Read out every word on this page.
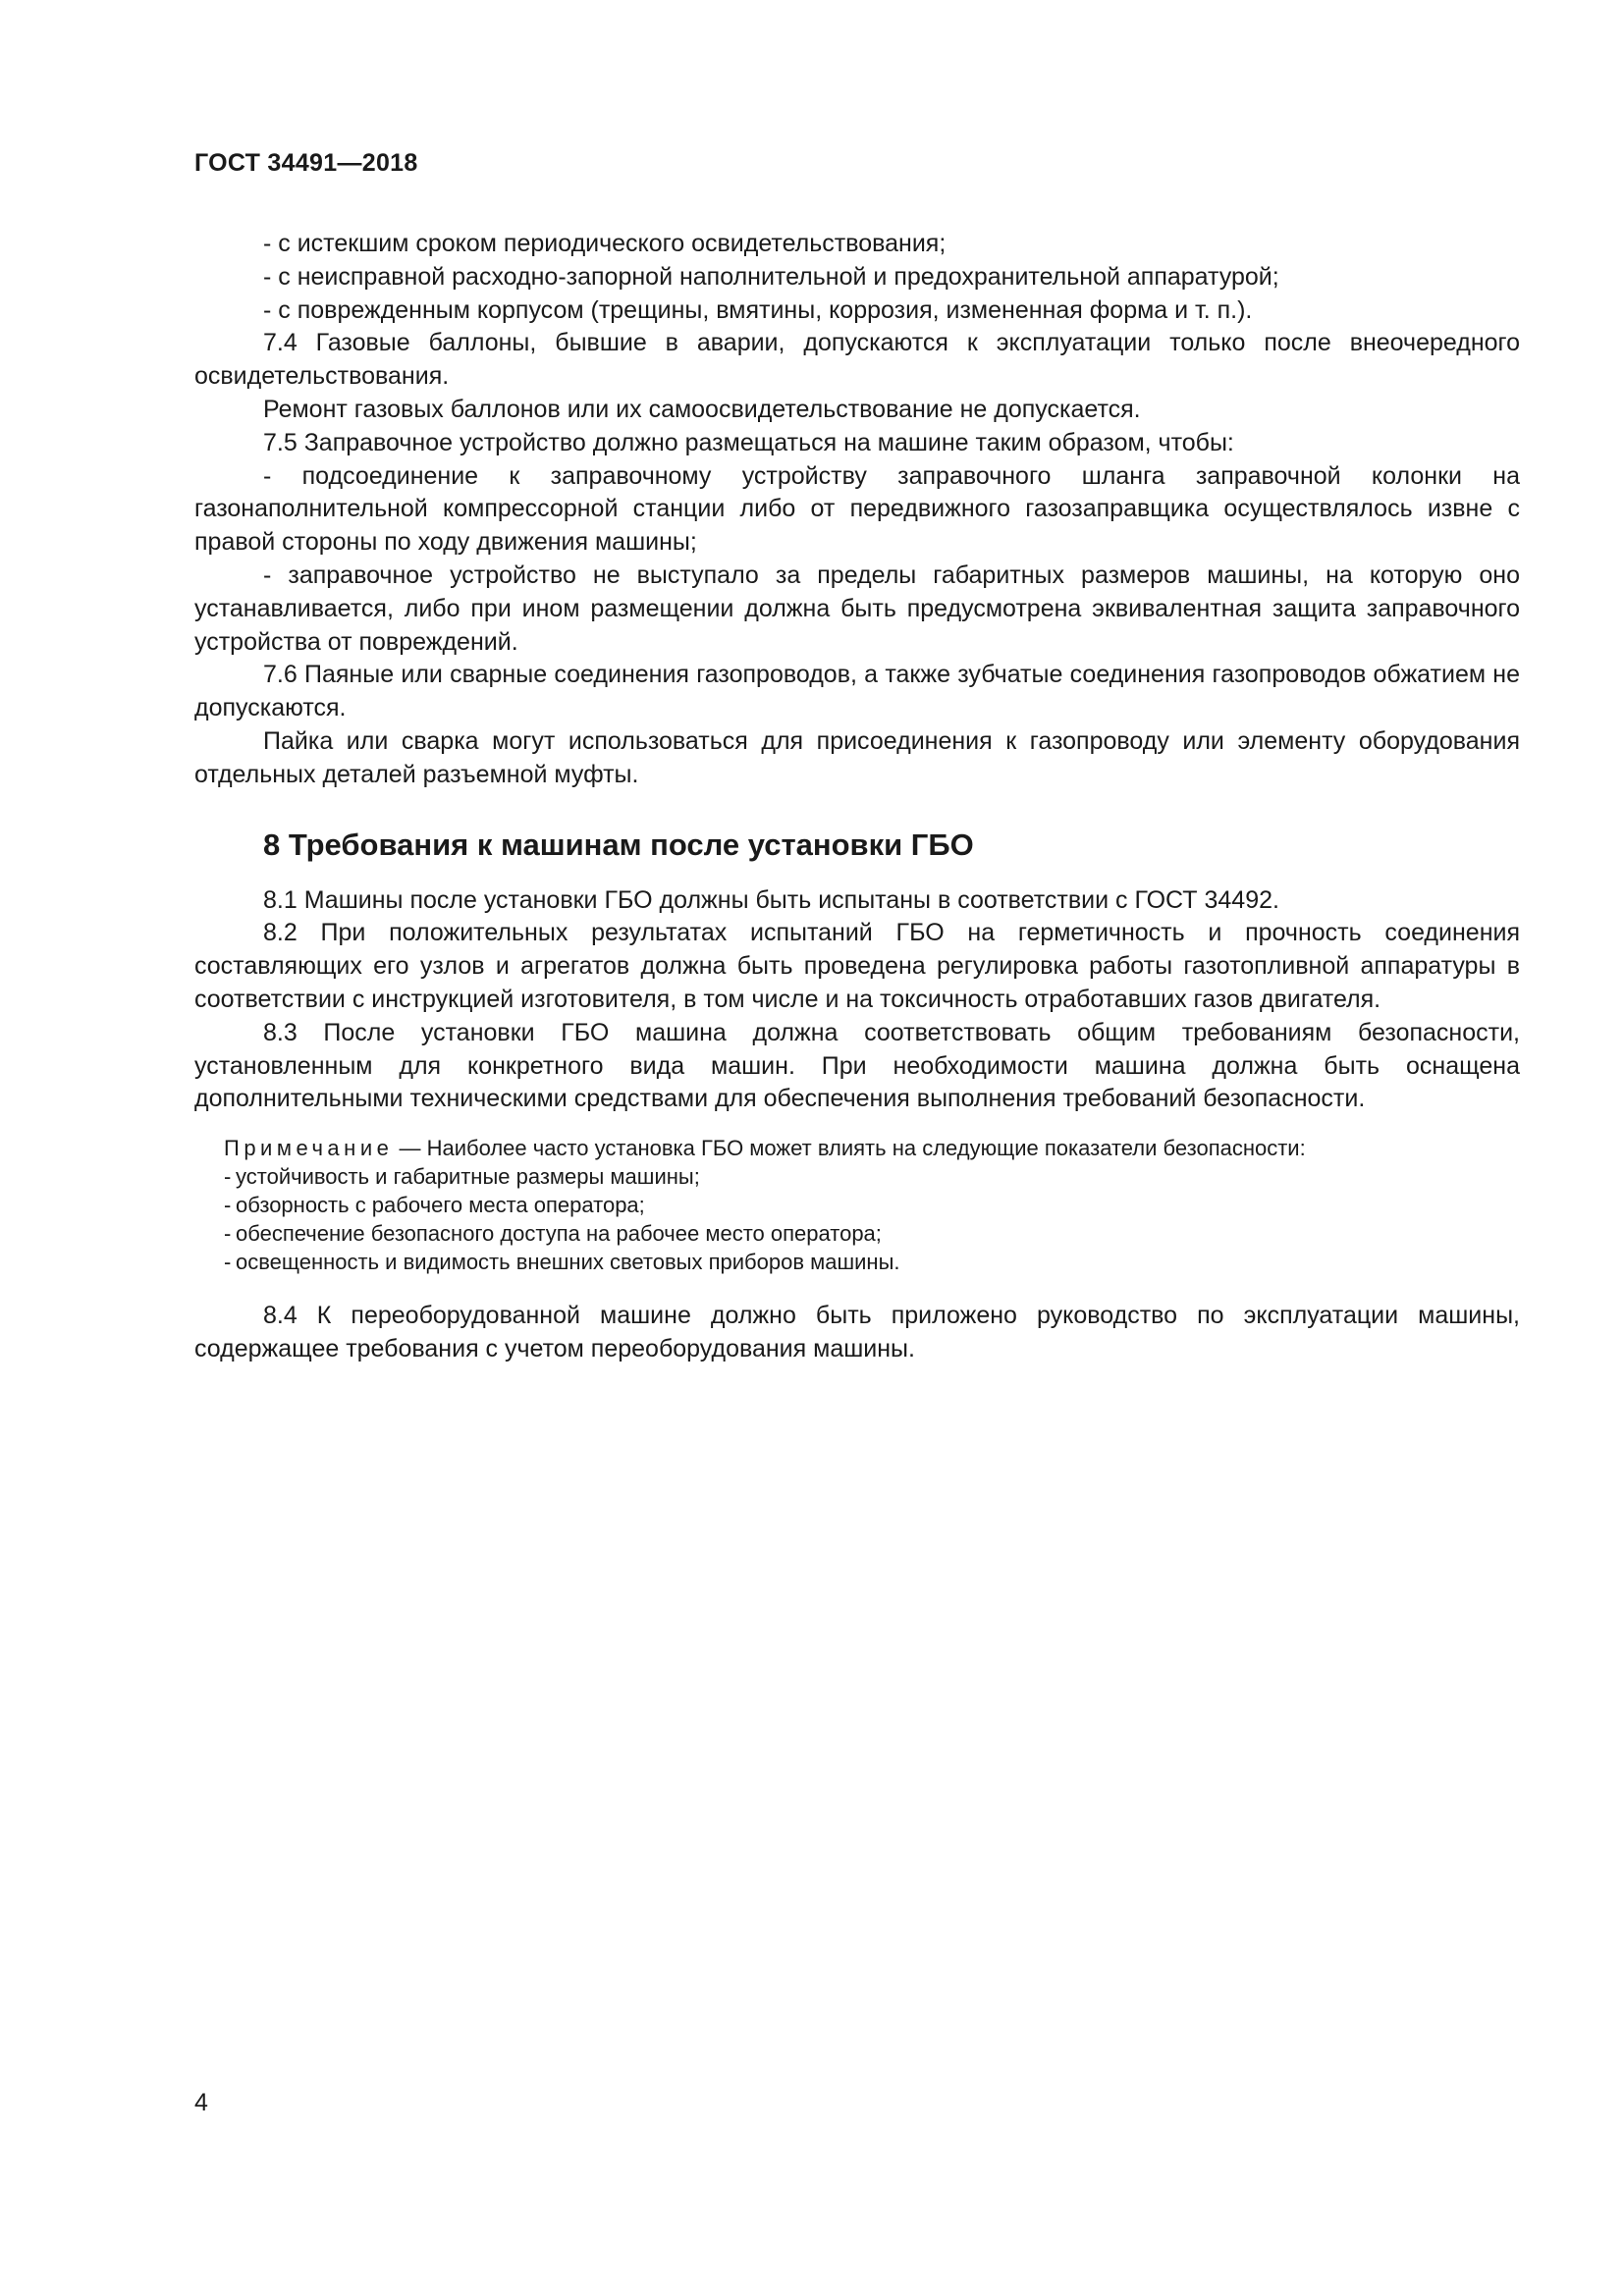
ГОСТ 34491—2018

- с истекшим сроком периодического освидетельствования;

- с неисправной расходно-запорной наполнительной и предохранительной аппаратурой;

- с поврежденным корпусом (трещины, вмятины, коррозия, измененная форма и т. п.).

7.4 Газовые баллоны, бывшие в аварии, допускаются к эксплуатации только после внеочередного освидетельствования.

Ремонт газовых баллонов или их самоосвидетельствование не допускается.

7.5 Заправочное устройство должно размещаться на машине таким образом, чтобы:

- подсоединение к заправочному устройству заправочного шланга заправочной колонки на газонаполнительной компрессорной станции либо от передвижного газозаправщика осуществлялось извне с правой стороны по ходу движения машины;

- заправочное устройство не выступало за пределы габаритных размеров машины, на которую оно устанавливается, либо при ином размещении должна быть предусмотрена эквивалентная защита заправочного устройства от повреждений.

7.6 Паяные или сварные соединения газопроводов, а также зубчатые соединения газопроводов обжатием не допускаются.

Пайка или сварка могут использоваться для присоединения к газопроводу или элементу оборудования отдельных деталей разъемной муфты.

8 Требования к машинам после установки ГБО

8.1 Машины после установки ГБО должны быть испытаны в соответствии с ГОСТ 34492.

8.2 При положительных результатах испытаний ГБО на герметичность и прочность соединения составляющих его узлов и агрегатов должна быть проведена регулировка работы газотопливной аппаратуры в соответствии с инструкцией изготовителя, в том числе и на токсичность отработавших газов двигателя.

8.3 После установки ГБО машина должна соответствовать общим требованиям безопасности, установленным для конкретного вида машин. При необходимости машина должна быть оснащена дополнительными техническими средствами для обеспечения выполнения требований безопасности.

Примечание — Наиболее часто установка ГБО может влиять на следующие показатели безопасности:

- устойчивость и габаритные размеры машины;

- обзорность с рабочего места оператора;

- обеспечение безопасного доступа на рабочее место оператора;

- освещенность и видимость внешних световых приборов машины.

8.4 К переоборудованной машине должно быть приложено руководство по эксплуатации машины, содержащее требования с учетом переоборудования машины.

4
